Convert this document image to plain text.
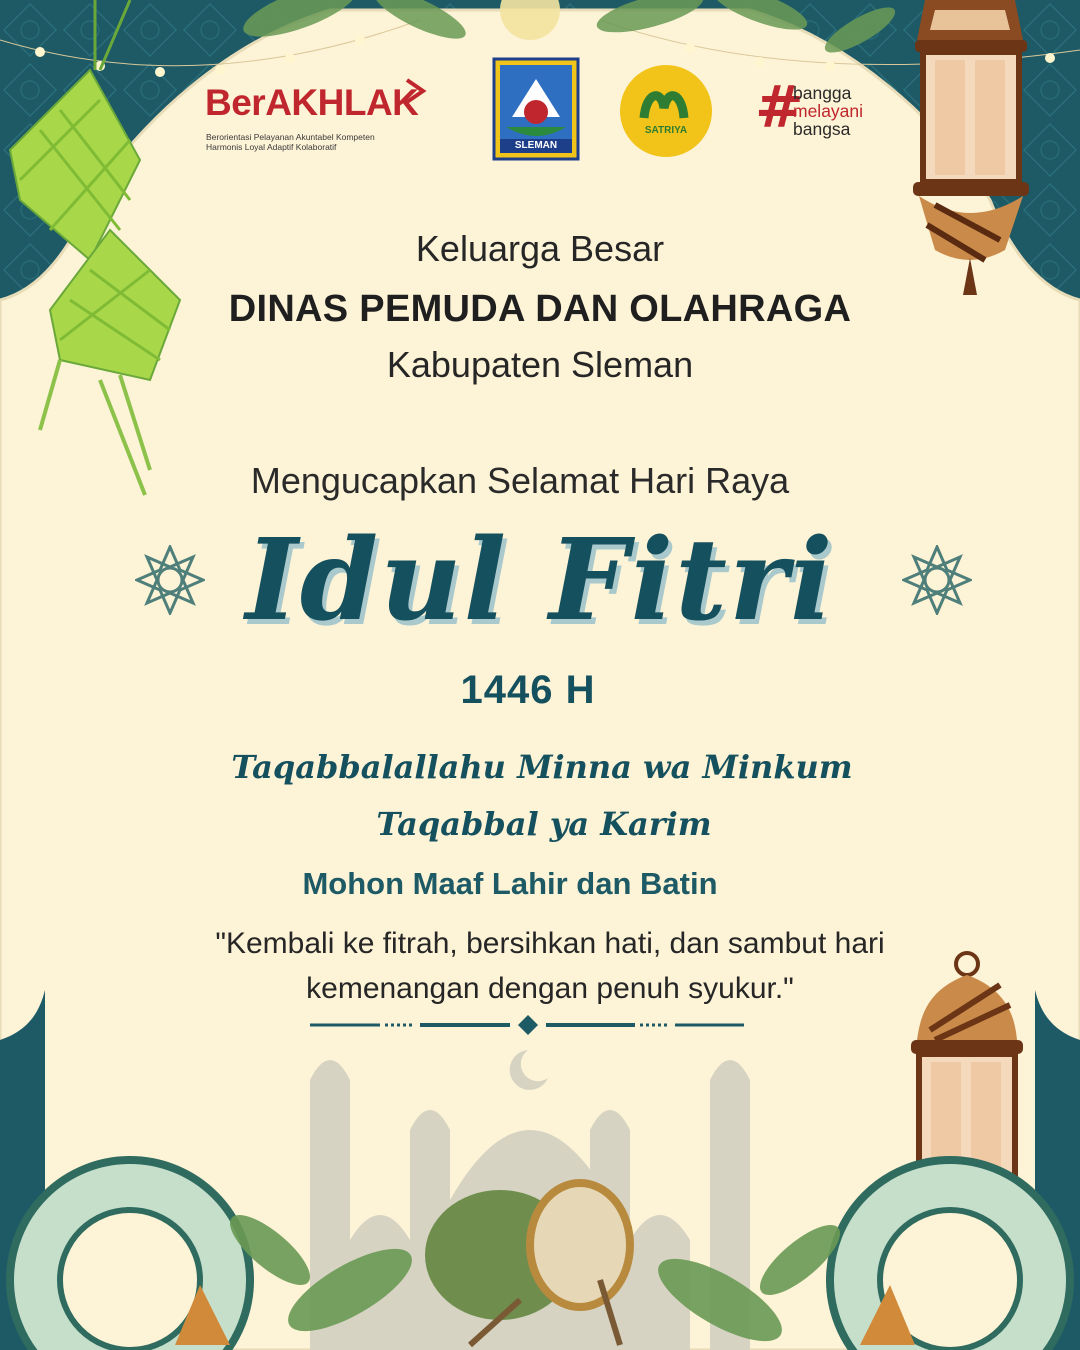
BerAKHLAK
Berorientasi Pelayanan Akuntabel Kompeten
Harmonis Loyal Adaptif Kolaboratif	SLEMAN
SATRIYA	#
bangga
melayani
bangsa
Keluarga Besar
DINAS PEMUDA DAN OLAHRAGA
Kabupaten Sleman
Mengucapkan Selamat Hari Raya
Idul Fitri
1446 H
Taqabbalallahu Minna wa Minkum
Taqabbal ya Karim
Mohon Maaf Lahir dan Batin
"Kembali ke fitrah, bersihkan hati, dan sambut hari
kemenangan dengan penuh syukur."
